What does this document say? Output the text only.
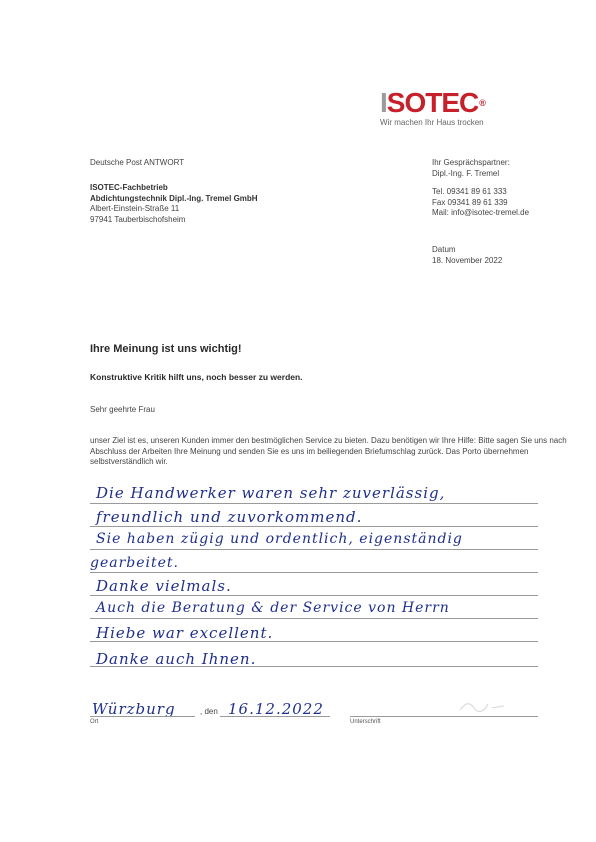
ISOTEC®
Wir machen Ihr Haus trocken
Deutsche Post ANTWORT
ISOTEC-Fachbetrieb
Abdichtungstechnik Dipl.-Ing. Tremel GmbH
Albert-Einstein-Straße 11
97941 Tauberbischofsheim
Ihr Gesprächspartner:
Dipl.-Ing. F. Tremel
Tel. 09341 89 61 333
Fax 09341 89 61 339
Mail: info@isotec-tremel.de
Datum
18. November 2022
Ihre Meinung ist uns wichtig!
Konstruktive Kritik hilft uns, noch besser zu werden.
Sehr geehrte Frau
unser Ziel ist es, unseren Kunden immer den bestmöglichen Service zu bieten. Dazu benötigen wir Ihre Hilfe: Bitte sagen Sie uns nach Abschluss der Arbeiten Ihre Meinung und senden Sie es uns im beiliegenden Briefumschlag zurück. Das Porto übernehmen selbstverständlich wir.
Die Handwerker waren sehr zuverlässig,
freundlich und zuvorkommend.
Sie haben zügig und ordentlich, eigenständig
gearbeitet.
Danke vielmals.
Auch die Beratung & der Service von Herrn
Hiebe war excellent.
Danke auch Ihnen.
Würzburg
Ort
, den 16.12.2022
Unterschrift
